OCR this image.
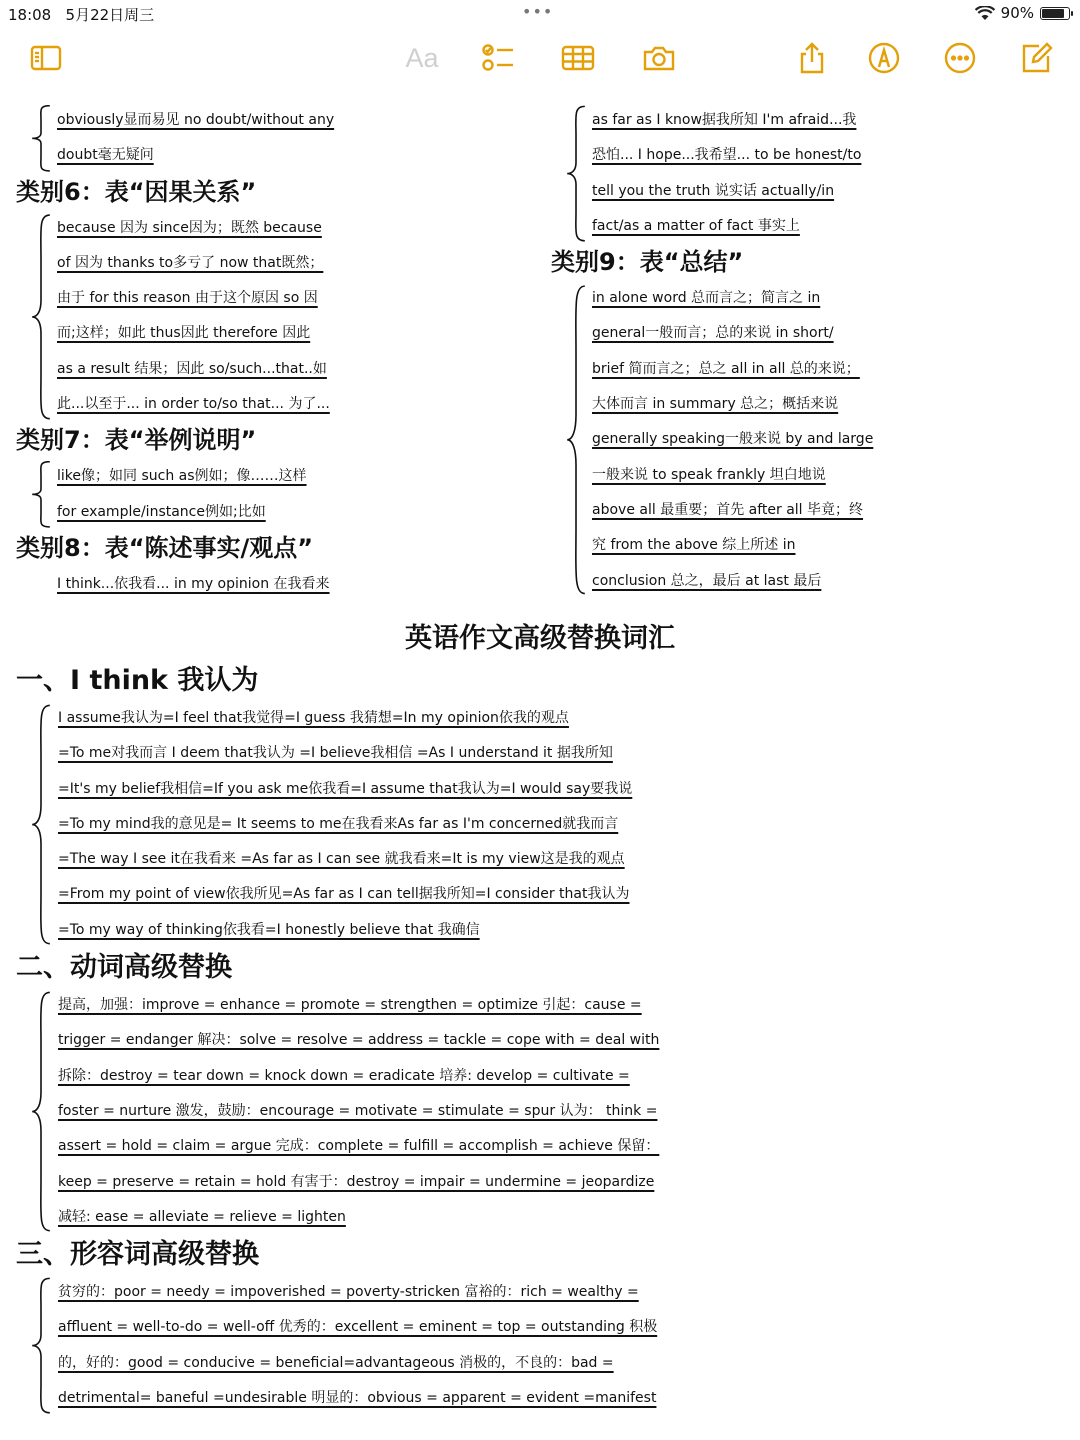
18:08 5月22日周三	•••	90%
Aa
obviously显而易见 no doubt/without any
doubt毫无疑问
类别6：表“因果关系”
because 因为 since因为；既然 because
of 因为 thanks to多亏了 now that既然；
由于 for this reason 由于这个原因 so 因
而;这样；如此 thus因此 therefore 因此
as a result 结果；因此 so/such...that..如
此...以至于... in order to/so that... 为了...
类别7：表“举例说明”
like像；如同 such as例如；像……这样
for example/instance例如;比如
类别8：表“陈述事实/观点”
I think...依我看... in my opinion 在我看来
as far as I know据我所知 I'm afraid...我
恐怕... I hope...我希望... to be honest/to
tell you the truth 说实话 actually/in
fact/as a matter of fact 事实上
类别9：表“总结”
in alone word 总而言之；简言之 in
general一般而言；总的来说 in short/
brief 简而言之；总之 all in all 总的来说；
大体而言 in summary 总之；概括来说
generally speaking一般来说 by and large
一般来说 to speak frankly 坦白地说
above all 最重要；首先 after all 毕竟；终
究 from the above 综上所述 in
conclusion 总之，最后 at last 最后
英语作文高级替换词汇
一、I think 我认为
I assume我认为=I feel that我觉得=I guess 我猜想=In my opinion依我的观点
=To me对我而言 I deem that我认为 =I believe我相信 =As I understand it 据我所知
=It's my belief我相信=If you ask me依我看=I assume that我认为=I would say要我说
=To my mind我的意见是= It seems to me在我看来As far as I'm concerned就我而言
=The way I see it在我看来 =As far as I can see 就我看来=It is my view这是我的观点
=From my point of view依我所见=As far as I can tell据我所知=I consider that我认为
=To my way of thinking依我看=I honestly believe that 我确信
二、动词高级替换
提高，加强：improve = enhance = promote = strengthen = optimize 引起：cause =
trigger = endanger 解决：solve = resolve = address = tackle = cope with = deal with
拆除：destroy = tear down = knock down = eradicate 培养: develop = cultivate =
foster = nurture 激发，鼓励：encourage = motivate = stimulate = spur 认为： think =
assert = hold = claim = argue 完成：complete = fulfill = accomplish = achieve 保留：
keep = preserve = retain = hold 有害于：destroy = impair = undermine = jeopardize
减轻: ease = alleviate = relieve = lighten
三、形容词高级替换
贫穷的：poor = needy = impoverished = poverty-stricken 富裕的：rich = wealthy =
affluent = well-to-do = well-off 优秀的：excellent = eminent = top = outstanding 积极
的，好的：good = conducive = beneficial=advantageous 消极的，不良的：bad =
detrimental= baneful =undesirable 明显的：obvious = apparent = evident =manifest
